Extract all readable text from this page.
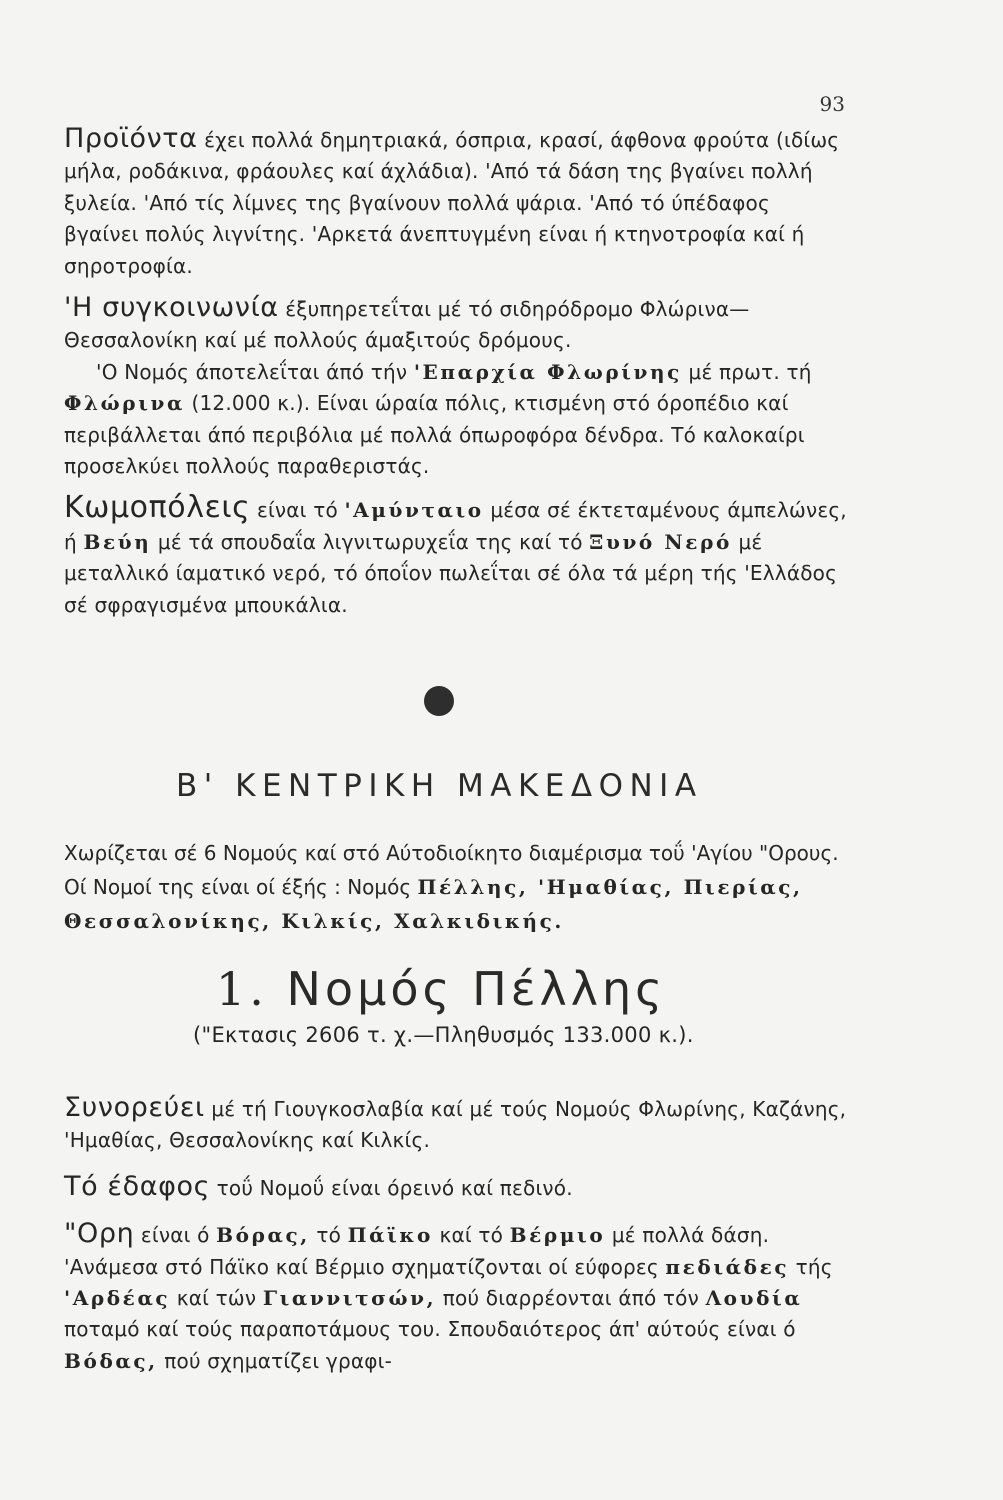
93

Προϊόντα έχει πολλά δημητριακά, όσπρια, κρασί, άφθονα φρούτα (ιδίως μήλα, ροδάκινα, φράουλες καί άχλάδια). 'Από τά δάση της βγαίνει πολλή ξυλεία. 'Από τίς λίμνες της βγαίνουν πολλά ψάρια. 'Από τό ύπέδαφος βγαίνει πολύς λιγνίτης. 'Αρκετά άνεπτυγμένη είναι ή κτηνοτροφία καί ή σηροτροφία.

'Η συγκοινωνία έξυπηρετεΐται μέ τό σιδηρόδρομο Φλώρινα—Θεσσαλονίκη καί μέ πολλούς άμαξιτούς δρόμους.

'Ο Νομός άποτελεΐται άπό τήν 'Επαρχία Φλωρίνης μέ πρωτ. τή Φλώρινα (12.000 κ.). Είναι ώραία πόλις, κτισμένη στό όροπέδιο καί περιβάλλεται άπό περιβόλια μέ πολλά όπωροφόρα δένδρα. Τό καλοκαίρι προσελκύει πολλούς παραθεριστάς.

Κωμοπόλεις είναι τό 'Αμύνταιο μέσα σέ έκτεταμένους άμπελώνες, ή Βεύη μέ τά σπουδαΐα λιγνιτωρυχεΐα της καί τό Ξυνό Νερό μέ μεταλλικό ίαματικό νερό, τό όποΐον πωλεΐται σέ όλα τά μέρη τής 'Ελλάδος σέ σφραγισμένα μπουκάλια.

Β' ΚΕΝΤΡΙΚΗ ΜΑΚΕΔΟΝΙΑ
Χωρίζεται σέ 6 Νομούς καί στό Αύτοδιοίκητο διαμέρισμα τοΰ 'Αγίου "Ορους. Οί Νομοί της είναι οί έξής : Νομός Πέλλης, 'Ημαθίας, Πιερίας, Θεσσαλονίκης, Κιλκίς, Χαλκιδικής.
1. Νομός Πέλλης
("Εκτασις 2606 τ. χ.—Πληθυσμός 133.000 κ.).

Συνορεύει μέ τή Γιουγκοσλαβία καί μέ τούς Νομούς Φλωρίνης, Καζάνης, 'Ημαθίας, Θεσσαλονίκης καί Κιλκίς.

Τό έδαφος τοΰ Νομοΰ είναι όρεινό καί πεδινό.

"Ορη είναι ό Βόρας, τό Πάϊκο καί τό Βέρμιο μέ πολλά δάση. 'Ανάμεσα στό Πάϊκο καί Βέρμιο σχηματίζονται οί εύφορες πεδιάδες τής 'Αρδέας καί τών Γιαννιτσών, πού διαρρέονται άπό τόν Λουδία ποταμό καί τούς παραποτάμους του. Σπουδαιότερος άπ' αύτούς είναι ό Βόδας, πού σχηματίζει γραφι-
